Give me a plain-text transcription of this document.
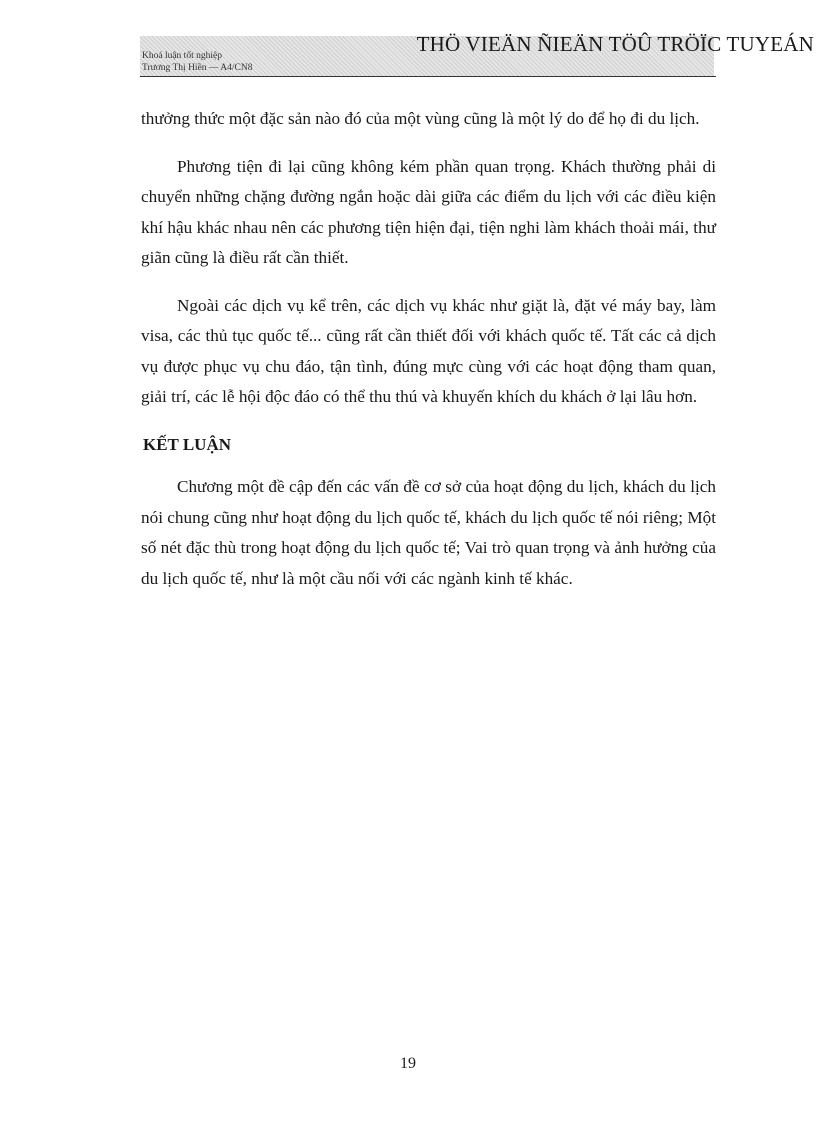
Khoá luận tốt nghiệp
Trương Thị Hiền — A4/CN8
THÖ VIEÄN ÑIEÄN TÖÛ TRÖÏC TUYEÁN

thưởng thức một đặc sản nào đó của một vùng cũng là một lý do để họ đi du lịch.

Phương tiện đi lại cũng không kém phần quan trọng. Khách thường phải di chuyển những chặng đường ngắn hoặc dài giữa các điểm du lịch với các điều kiện khí hậu khác nhau nên các phương tiện hiện đại, tiện nghi làm khách thoải mái, thư giãn cũng là điều rất cần thiết.

Ngoài các dịch vụ kể trên, các dịch vụ khác như giặt là, đặt vé máy bay, làm visa, các thủ tục quốc tế... cũng rất cần thiết đối với khách quốc tế. Tất các cả dịch vụ được phục vụ chu đáo, tận tình, đúng mực cùng với các hoạt động tham quan, giải trí, các lễ hội độc đáo có thể thu thú và khuyến khích du khách ở lại lâu hơn.

KẾT LUẬN

Chương một đề cập đến các vấn đề cơ sở của hoạt động du lịch, khách du lịch nói chung cũng như hoạt động du lịch quốc tế, khách du lịch quốc tế nói riêng; Một số nét đặc thù trong hoạt động du lịch quốc tế; Vai trò quan trọng và ảnh hưởng của du lịch quốc tế, như là một cầu nối với các ngành kinh tế khác.

19
